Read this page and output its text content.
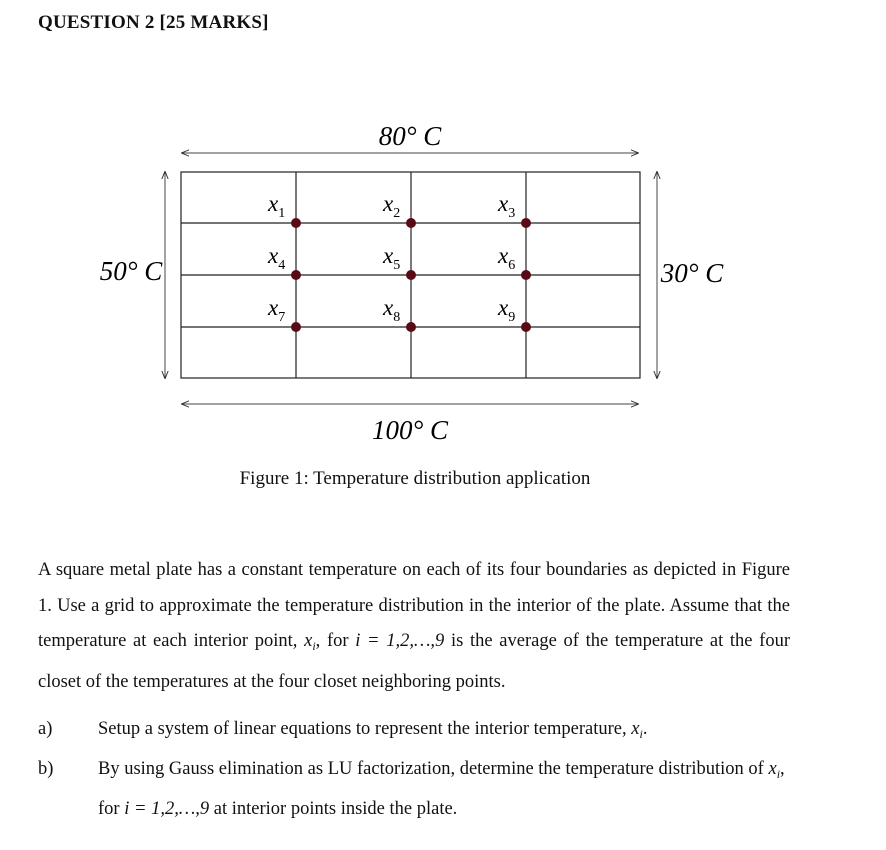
QUESTION 2 [25 MARKS]
80° C
100° C
50° C	30° C
$x_1$	$x_2$	$x_3$
$x_4$	$x_5$	$x_6$
$x_7$	$x_8$	$x_9$
Figure 1: Temperature distribution application
A square metal plate has a constant temperature on each of its four boundaries as depicted in Figure 1. Use a grid to approximate the temperature distribution in the interior of the plate. Assume that the temperature at each interior point, $x_i$, for i = 1,2,…,9 is the average of the temperature at the four closet of the temperatures at the four closet neighboring points.
a) Setup a system of linear equations to represent the interior temperature, $x_i$.
b) By using Gauss elimination as LU factorization, determine the temperature distribution of $x_i$, for i = 1,2,…,9 at interior points inside the plate.
